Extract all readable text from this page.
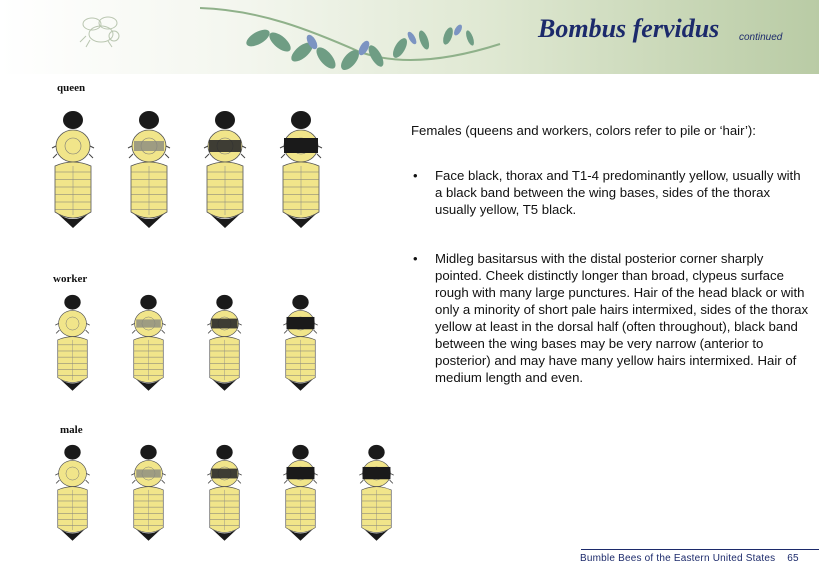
Bombus fervidus continued
queen
worker
male

Females (queens and workers, colors refer to pile or ‘hair’):

• Face black, thorax and T1-4 predominantly yellow, usually with a black band between the wing bases, sides of the thorax usually yellow, T5 black.
• Midleg basitarsus with the distal posterior corner sharply pointed. Cheek distinctly longer than broad, clypeus surface rough with many large punctures. Hair of the head black or with only a minority of short pale hairs intermixed, sides of the thorax yellow at least in the dorsal half (often throughout), black band between the wing bases may be very narrow (anterior to posterior) and may have many yellow hairs intermixed. Hair of medium length and even.
Bumble Bees of the Eastern United States 65
